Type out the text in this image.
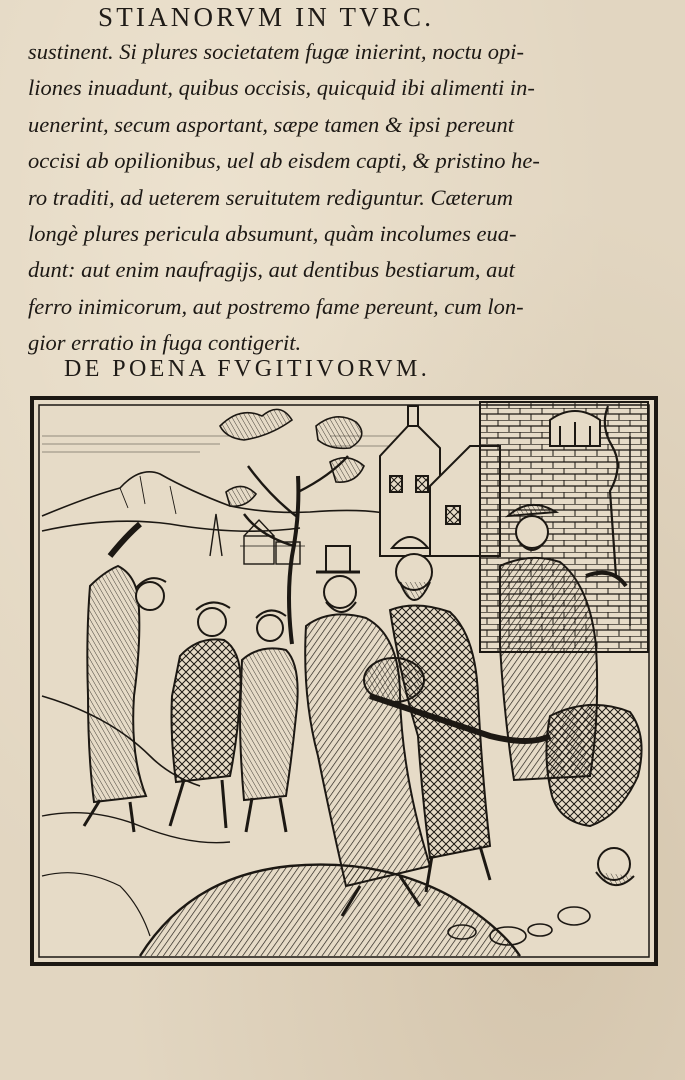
STIANORVM IN TVRC.
sustinent. Si plures societatem fugæ inierint, noctu opi-
liones inuadunt, quibus occisis, quicquid ibi alimenti in-
uenerint, secum asportant, sæpe tamen & ipsi pereunt
occisi ab opilionibus, uel ab eisdem capti, & pristino he-
ro traditi, ad ueterem seruitutem rediguntur. Cæterum
longè plures pericula absumunt, quàm incolumes eua-
dunt: aut enim naufragijs, aut dentibus bestiarum, aut
ferro inimicorum, aut postremo fame pereunt, cum lon-
gior erratio in fuga contigerit.
DE POENA FVGITIVORVM.
